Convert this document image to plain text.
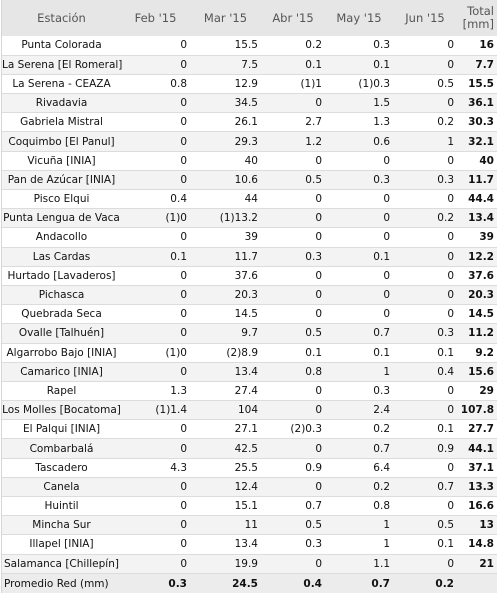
Estación	Feb '15	Mar '15	Abr '15	May '15	Jun '15	Total
[mm]
Punta Colorada	0	15.5	0.2	0.3	0	16
La Serena [El Romeral]	0	7.5	0.1	0.1	0	7.7
La Serena - CEAZA	0.8	12.9	(1)1	(1)0.3	0.5	15.5
Rivadavia	0	34.5	0	1.5	0	36.1
Gabriela Mistral	0	26.1	2.7	1.3	0.2	30.3
Coquimbo [El Panul]	0	29.3	1.2	0.6	1	32.1
Vicuña [INIA]	0	40	0	0	0	40
Pan de Azúcar [INIA]	0	10.6	0.5	0.3	0.3	11.7
Pisco Elqui	0.4	44	0	0	0	44.4
Punta Lengua de Vaca	(1)0	(1)13.2	0	0	0.2	13.4
Andacollo	0	39	0	0	0	39
Las Cardas	0.1	11.7	0.3	0.1	0	12.2
Hurtado [Lavaderos]	0	37.6	0	0	0	37.6
Pichasca	0	20.3	0	0	0	20.3
Quebrada Seca	0	14.5	0	0	0	14.5
Ovalle [Talhuén]	0	9.7	0.5	0.7	0.3	11.2
Algarrobo Bajo [INIA]	(1)0	(2)8.9	0.1	0.1	0.1	9.2
Camarico [INIA]	0	13.4	0.8	1	0.4	15.6
Rapel	1.3	27.4	0	0.3	0	29
Los Molles [Bocatoma]	(1)1.4	104	0	2.4	0	107.8
El Palqui [INIA]	0	27.1	(2)0.3	0.2	0.1	27.7
Combarbalá	0	42.5	0	0.7	0.9	44.1
Tascadero	4.3	25.5	0.9	6.4	0	37.1
Canela	0	12.4	0	0.2	0.7	13.3
Huintil	0	15.1	0.7	0.8	0	16.6
Mincha Sur	0	11	0.5	1	0.5	13
Illapel [INIA]	0	13.4	0.3	1	0.1	14.8
Salamanca [Chillepín]	0	19.9	0	1.1	0	21
Promedio Red (mm)	0.3	24.5	0.4	0.7	0.2	
